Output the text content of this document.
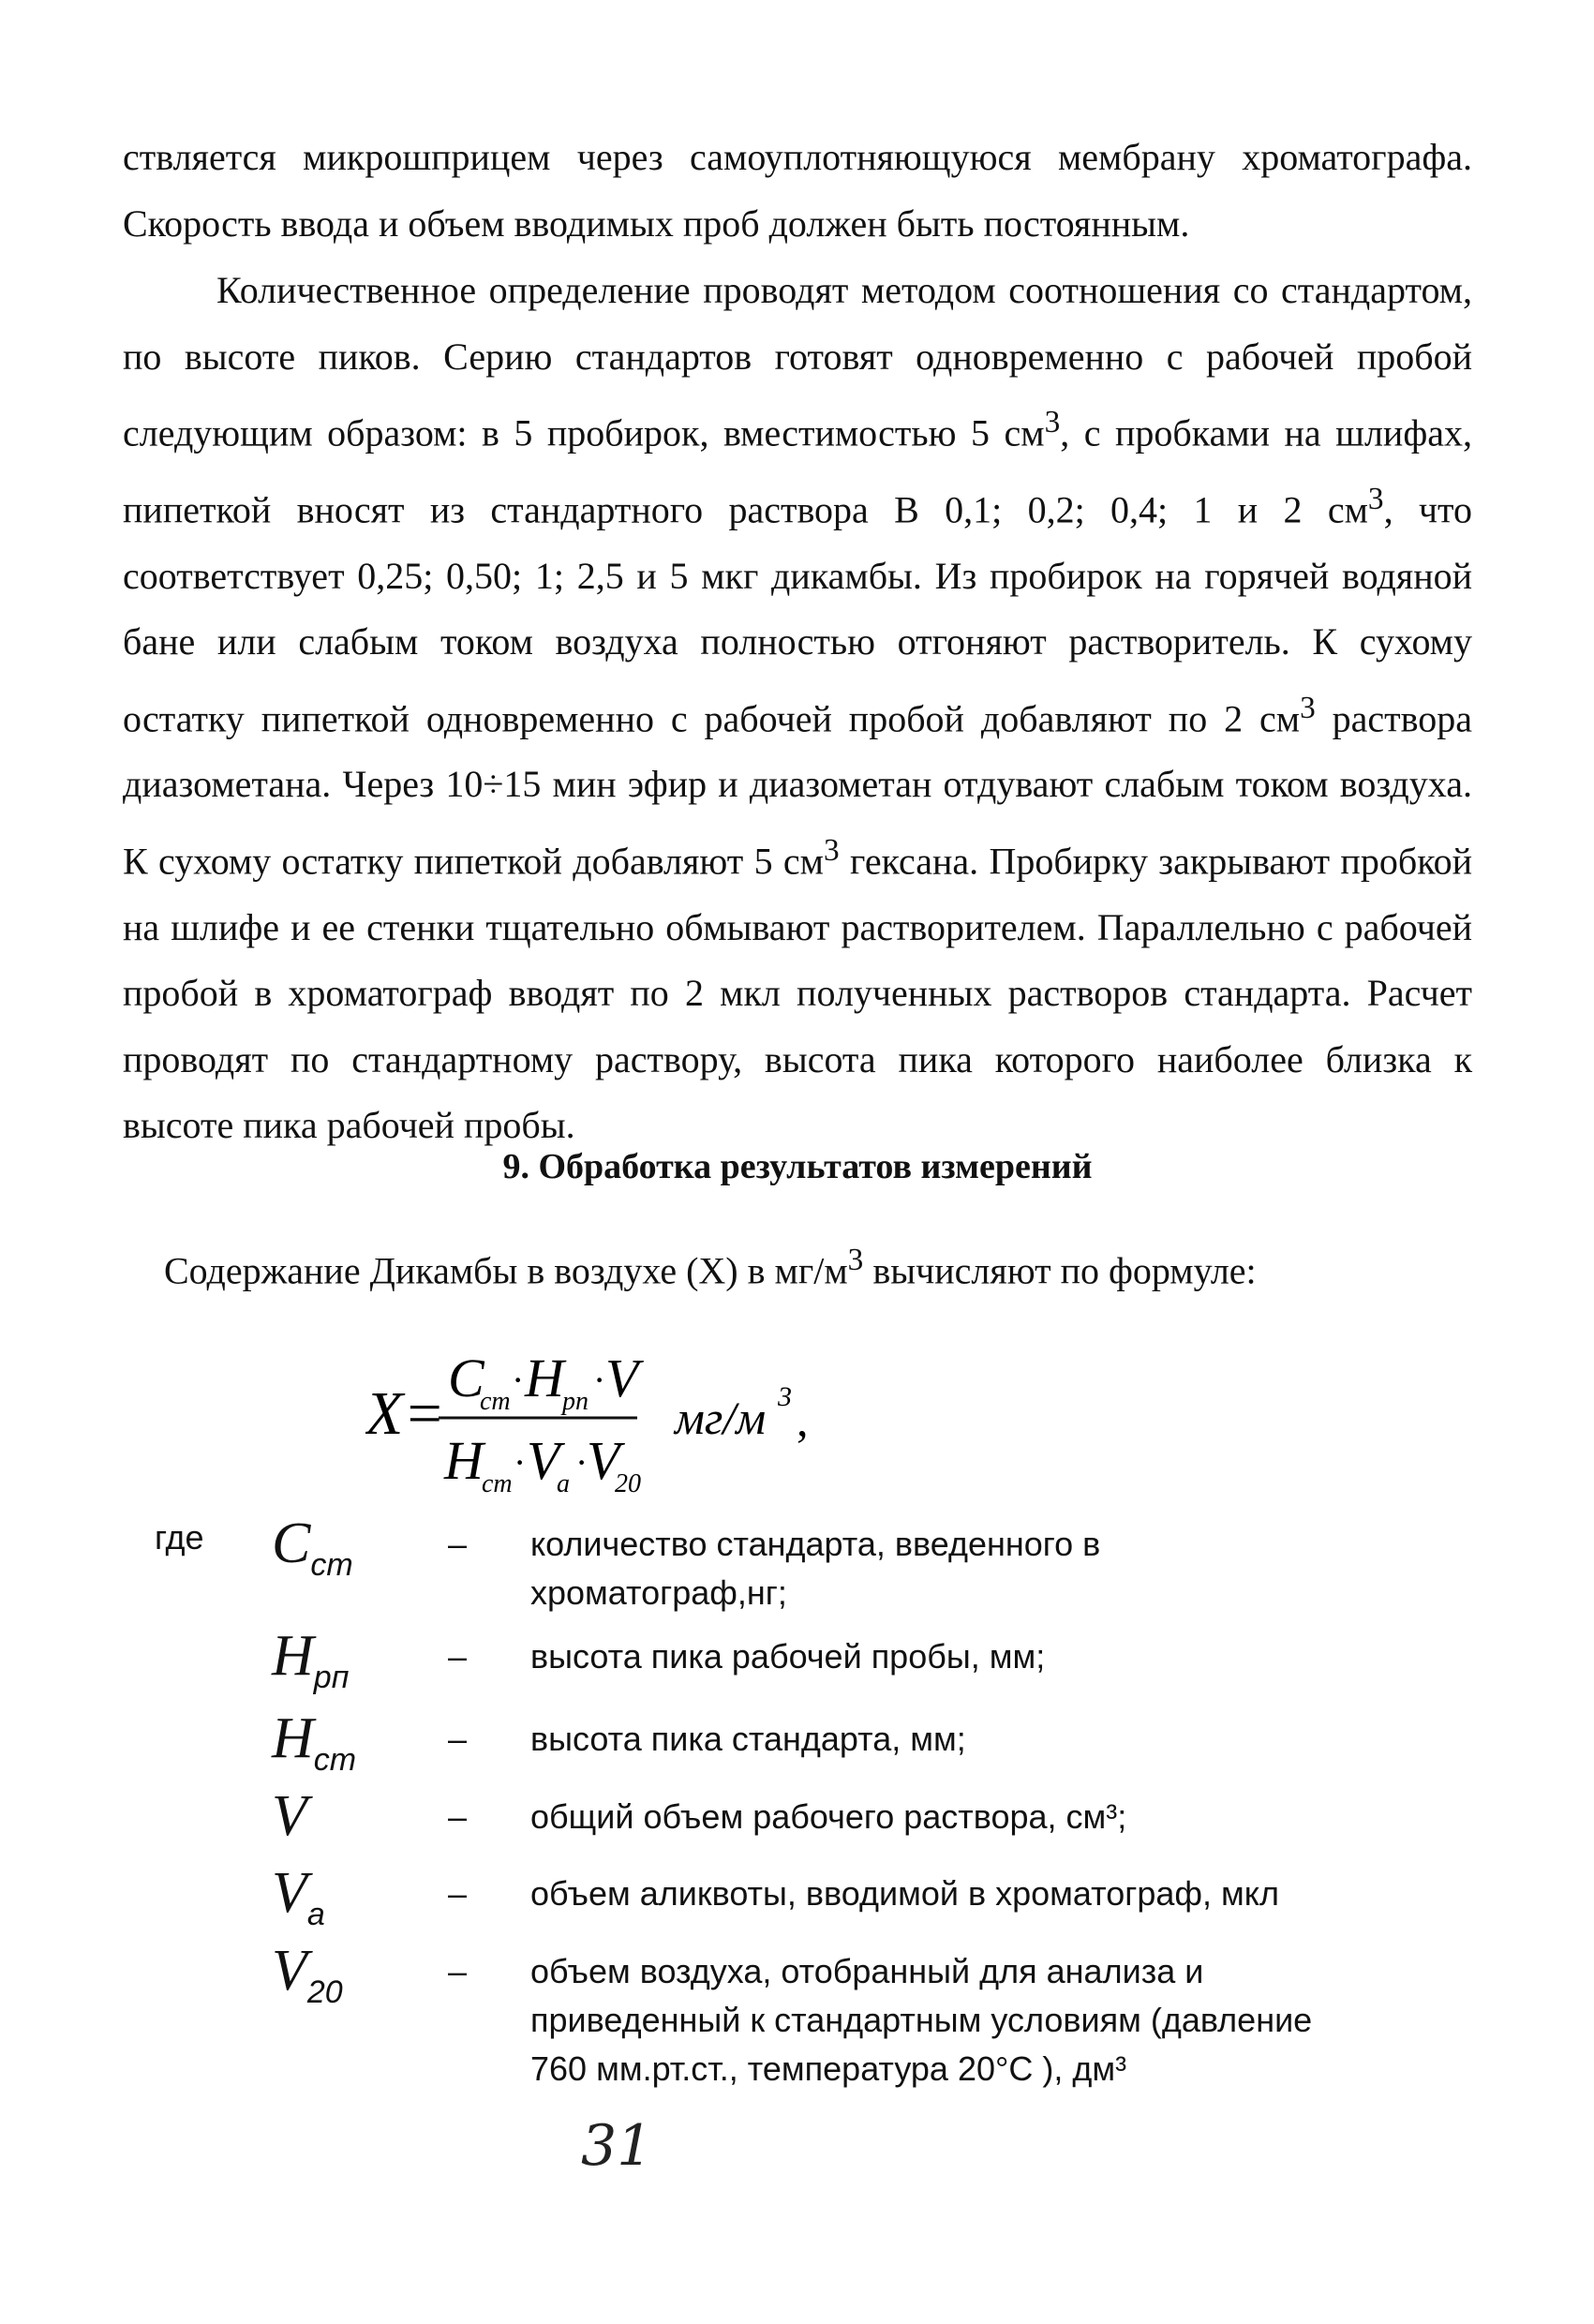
ствляется микрошприцем через самоуплотняющуюся мембрану хроматографа. Скорость ввода и объем вводимых проб должен быть постоянным.

Количественное определение проводят методом соотношения со стандартом, по высоте пиков. Серию стандартов готовят одновременно с рабочей пробой следующим образом: в 5 пробирок, вместимостью 5 $см^3$, с пробками на шлифах, пипеткой вносят из стандартного раствора В 0,1; 0,2; 0,4; 1 и 2 $см^3$, что соответствует 0,25; 0,50; 1; 2,5 и 5 мкг дикамбы. Из пробирок на горячей водяной бане или слабым током воздуха полностью отгоняют растворитель. К сухому остатку пипеткой одновременно с рабочей пробой добавляют по 2 $см^3$ раствора диазометана. Через 10÷15 мин эфир и диазометан отдувают слабым током воздуха. К сухому остатку пипеткой добавляют 5 $см^3$ гексана. Пробирку закрывают пробкой на шлифе и ее стенки тщательно обмывают растворителем. Параллельно с рабочей пробой в хроматограф вводят по 2 мкл полученных растворов стандарта. Расчет проводят по стандартному раствору, высота пика которого наиболее близка к высоте пика рабочей пробы.

9. Обработка результатов измерений

Содержание Дикамбы в воздухе (X) в $мг/м^3$ вычисляют по формуле:

X=
C
ст
· H
рп
· V
H
ст
· V
а
·
V
20
мг/м 3 ,
где $C_{ст}$
– количество стандарта, введенного в хроматограф,нг;
$H_{рп}$
– высота пика рабочей пробы, мм;
$H_{ст}$
– высота пика стандарта, мм;
V	– общий объем рабочего раствора, см³;
$V_а$
– объем аликвоты, вводимой в хроматограф, мкл
$V_{20}$
– объем воздуха, отобранный для анализа и приведенный к стандартным условиям (давление 760 мм.рт.ст., температура 20°С ), дм³
31
